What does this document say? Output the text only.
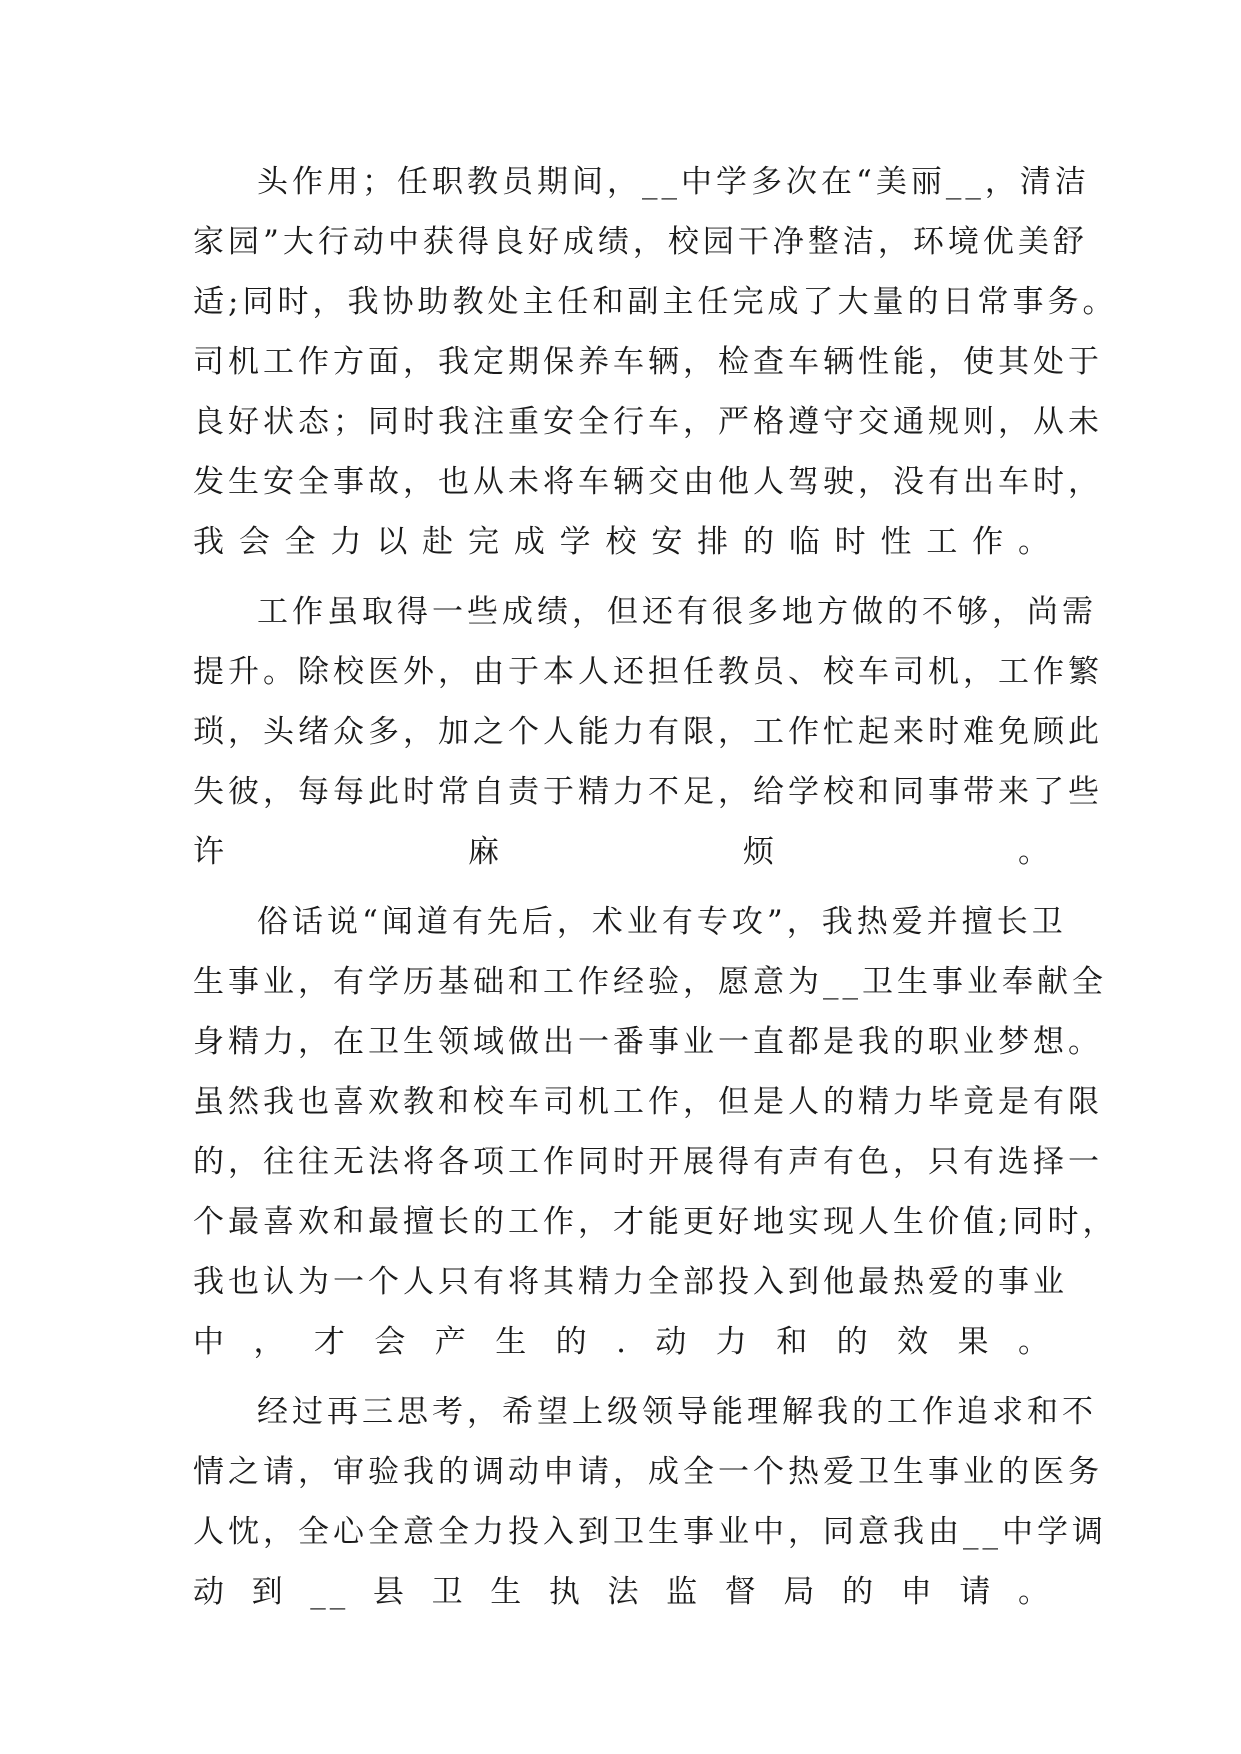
头作用；任职教员期间，__中学多次在“美丽__，清洁
家园”大行动中获得良好成绩，校园干净整洁，环境优美舒
适;同时，我协助教处主任和副主任完成了大量的日常事务。
司机工作方面，我定期保养车辆，检查车辆性能，使其处于
良好状态；同时我注重安全行车，严格遵守交通规则，从未
发生安全事故，也从未将车辆交由他人驾驶，没有出车时，
我会全力以赴完成学校安排的临时性工作。
工作虽取得一些成绩，但还有很多地方做的不够，尚需
提升。除校医外，由于本人还担任教员、校车司机，工作繁
琐，头绪众多，加之个人能力有限，工作忙起来时难免顾此
失彼，每每此时常自责于精力不足，给学校和同事带来了些
许麻烦。
俗话说“闻道有先后，术业有专攻”，我热爱并擅长卫
生事业，有学历基础和工作经验，愿意为__卫生事业奉献全
身精力，在卫生领域做出一番事业一直都是我的职业梦想。
虽然我也喜欢教和校车司机工作，但是人的精力毕竟是有限
的，往往无法将各项工作同时开展得有声有色，只有选择一
个最喜欢和最擅长的工作，才能更好地实现人生价值;同时，
我也认为一个人只有将其精力全部投入到他最热爱的事业
中，才会产生的.动力和的效果。
经过再三思考，希望上级领导能理解我的工作追求和不
情之请，审验我的调动申请，成全一个热爱卫生事业的医务
人忱，全心全意全力投入到卫生事业中，同意我由__中学调
动到__县卫生执法监督局的申请。
